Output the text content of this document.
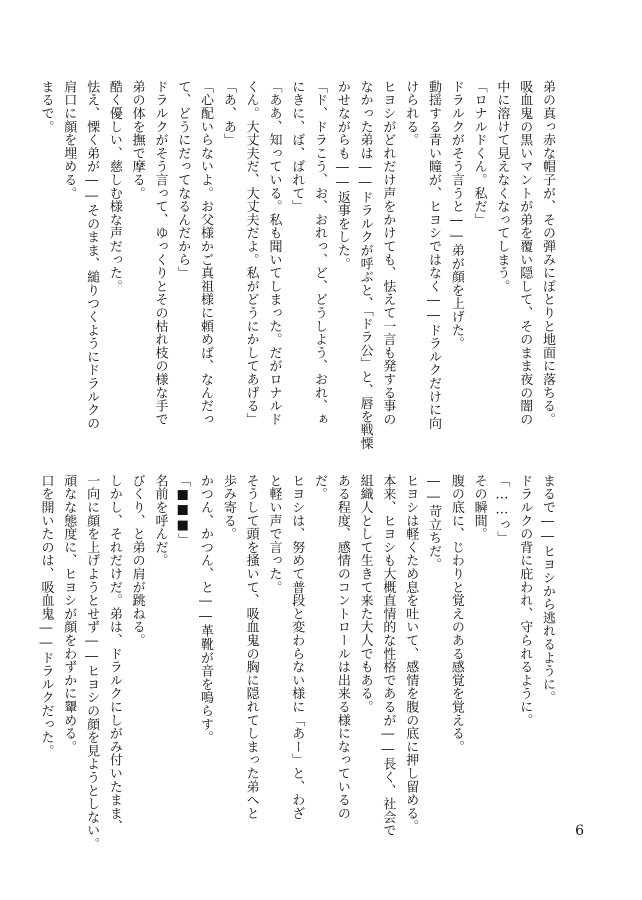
弟の真っ赤な帽子が、その弾みにぽとりと地面に落ちる。
吸血鬼の黒いマントが弟を覆い隠して、そのまま夜の闇の
中に溶けて見えなくなってしまう。
「ロナルドくん。私だ」
ドラルクがそう言うと――弟が顔を上げた。
動揺する青い瞳が、ヒヨシではなく――ドラルクだけに向
けられる。
ヒヨシがどれだけ声をかけても、怯えて一言も発する事の
なかった弟は――ドラルクが呼ぶと、「ドラ公」と、唇を戦慄
かせながらも――返事をした。
「ド、ドラこう、お、おれっ、ど、どうしよう、おれ、ぁ
にきに、ば、ばれて」
「ああ、知っている。私も聞いてしまった。だがロナルド
くん。大丈夫だ、大丈夫だよ。私がどうにかしてあげる」
「あ、あ」
「心配いらないよ。お父様かご真祖様に頼めば、なんだっ
て、どうにだってなるんだから」
ドラルクがそう言って、ゆっくりとその枯れ枝の様な手で
弟の体を撫で摩る。
酷く優しい、慈しむ様な声だった。
怯え、慄く弟が――そのまま、縋りつくようにドラルクの
肩口に顔を埋める。
まるで。
まるで――ヒヨシから逃れるように。
ドラルクの背に庇われ、守られるように。
「……っ」
その瞬間。
腹の底に、じわりと覚えのある感覚を覚える。
――苛立ちだ。
ヒヨシは軽くため息を吐いて、感情を腹の底に押し留める。
本来、ヒヨシも大概直情的な性格であるが――長く、社会で
組織人として生きて来た大人でもある。
ある程度、感情のコントロールは出来る様になっているの
だ。
ヒヨシは、努めて普段と変わらない様に「あー」と、わざ
と軽い声で言った。
そうして頭を掻いて、吸血鬼の胸に隠れてしまった弟へと
歩み寄る。
かつん、かつん、と――革靴が音を鳴らす。
「■■■」
名前を呼んだ。
びくり、と弟の肩が跳ねる。
しかし、それだけだ。弟は、ドラルクにしがみ付いたまま、
一向に顔を上げようとせず――ヒヨシの顔を見ようとしない。
頑なな態度に、ヒヨシが顔をわずかに顰める。
口を開いたのは、吸血鬼――ドラルクだった。
6
